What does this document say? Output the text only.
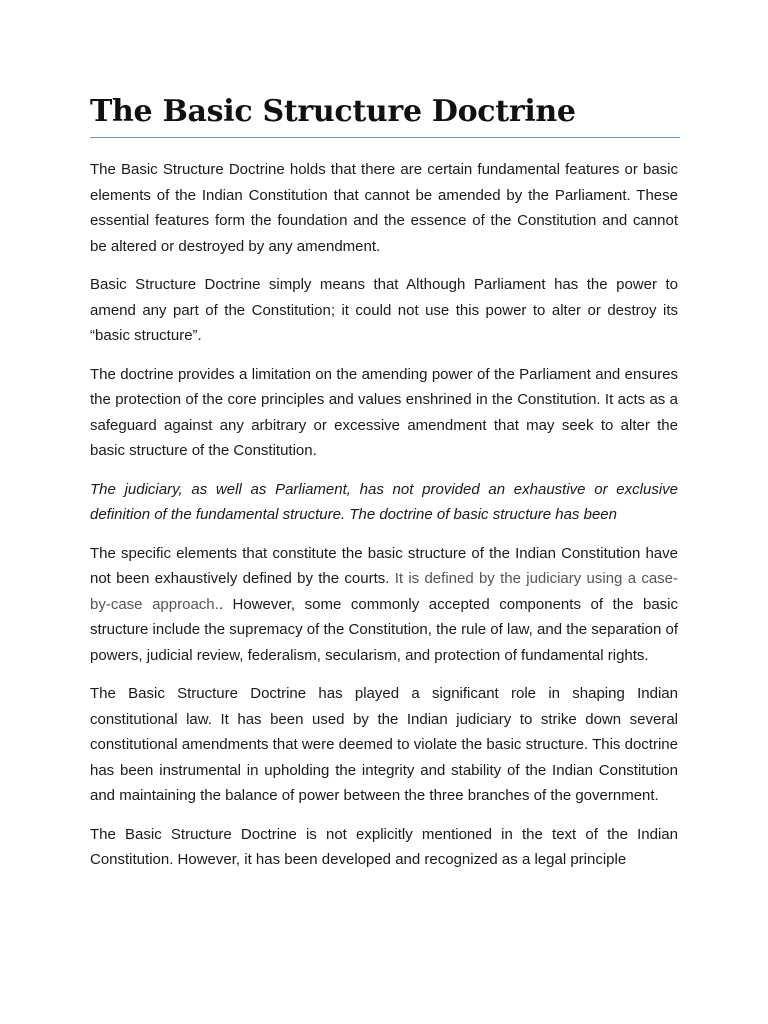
The Basic Structure Doctrine

The Basic Structure Doctrine holds that there are certain fundamental features or basic elements of the Indian Constitution that cannot be amended by the Parliament. These essential features form the foundation and the essence of the Constitution and cannot be altered or destroyed by any amendment.

Basic Structure Doctrine simply means that Although Parliament has the power to amend any part of the Constitution; it could not use this power to alter or destroy its “basic structure”.

The doctrine provides a limitation on the amending power of the Parliament and ensures the protection of the core principles and values enshrined in the Constitution. It acts as a safeguard against any arbitrary or excessive amendment that may seek to alter the basic structure of the Constitution.

The judiciary, as well as Parliament, has not provided an exhaustive or exclusive definition of the fundamental structure. The doctrine of basic structure has been

The specific elements that constitute the basic structure of the Indian Constitution have not been exhaustively defined by the courts. It is defined by the judiciary using a case-by-case approach.. However, some commonly accepted components of the basic structure include the supremacy of the Constitution, the rule of law, and the separation of powers, judicial review, federalism, secularism, and protection of fundamental rights.

The Basic Structure Doctrine has played a significant role in shaping Indian constitutional law. It has been used by the Indian judiciary to strike down several constitutional amendments that were deemed to violate the basic structure. This doctrine has been instrumental in upholding the integrity and stability of the Indian Constitution and maintaining the balance of power between the three branches of the government.

The Basic Structure Doctrine is not explicitly mentioned in the text of the Indian Constitution. However, it has been developed and recognized as a legal principle
